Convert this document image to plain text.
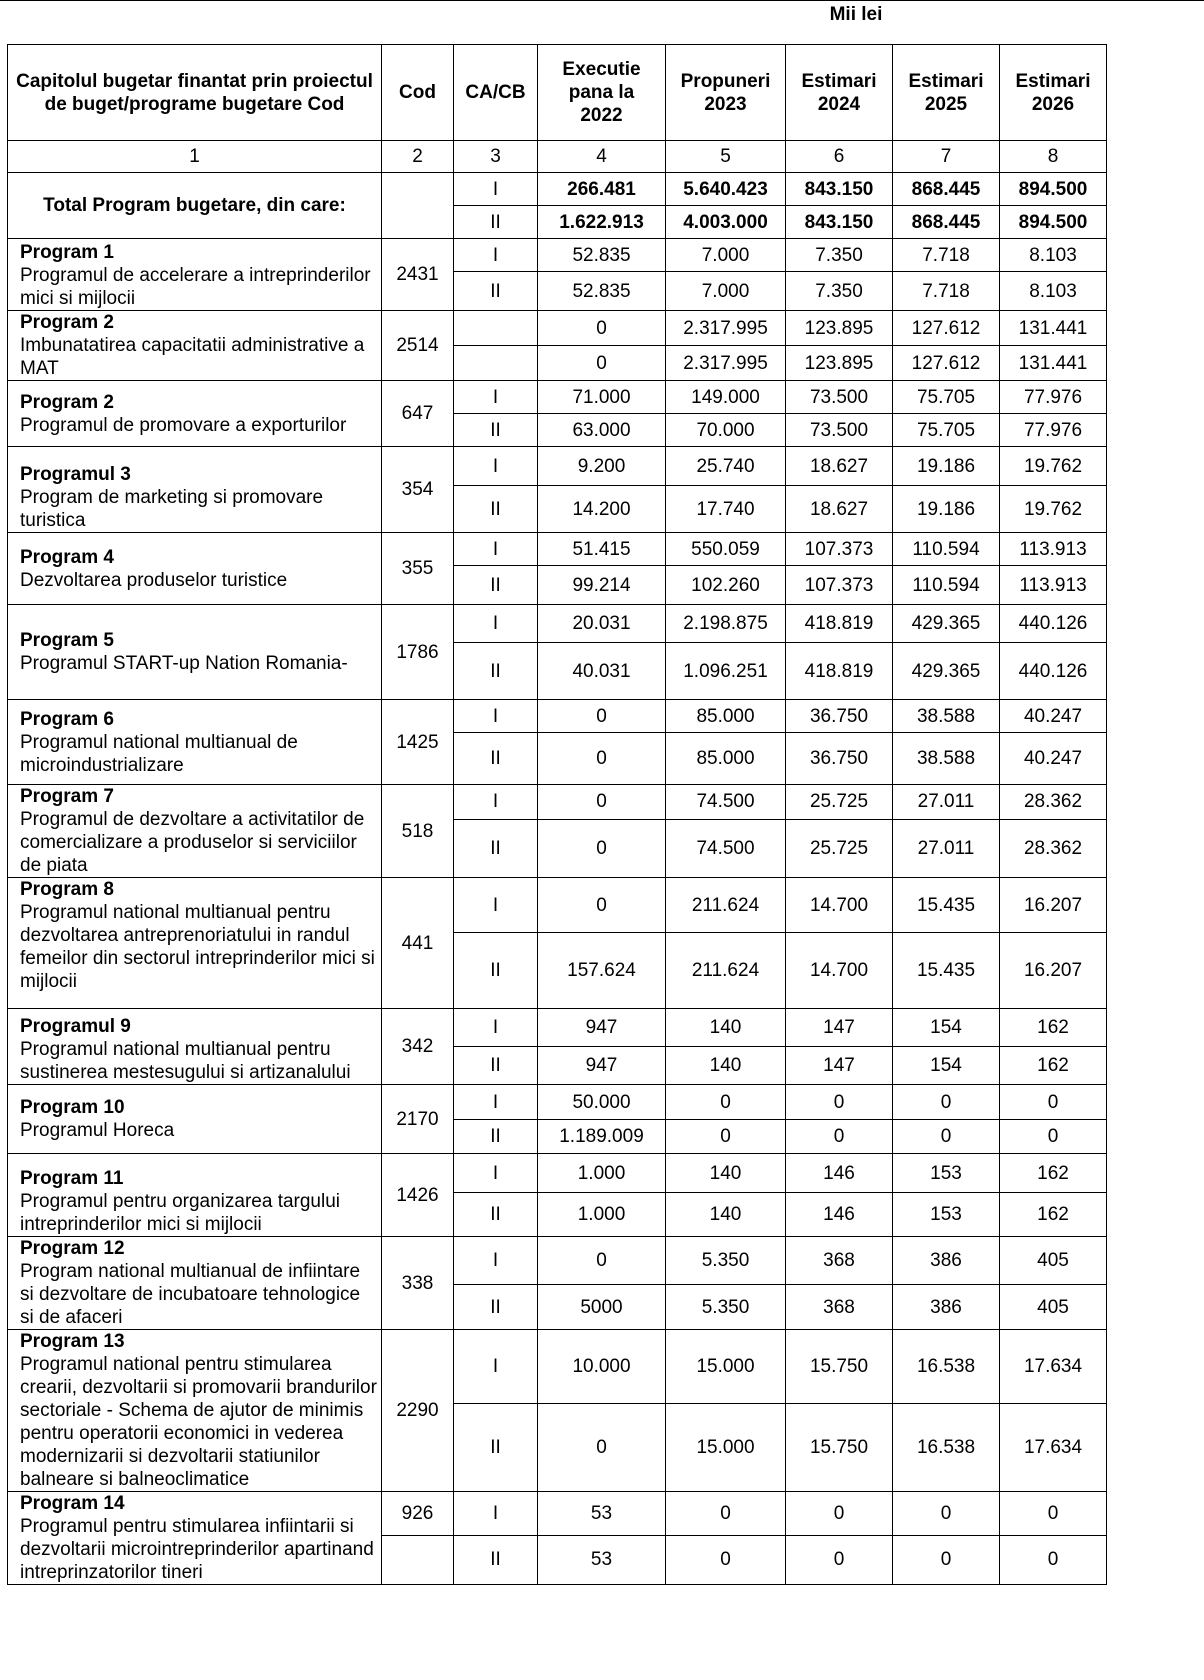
Mii lei
Capitolul bugetar finantat prin proiectul de buget/programe bugetare Cod	Cod	CA/CB	Executie pana la 2022	Propuneri 2023	Estimari 2024	Estimari 2025	Estimari 2026
1	2	3	4	5	6	7	8
Total Program bugetare, din care:		I	266.481	5.640.423	843.150	868.445	894.500
		II	1.622.913	4.003.000	843.150	868.445	894.500

Program 1
Programul de accelerare a intreprinderilor mici si mijlocii	2431	I	52.835	7.000	7.350	7.718	8.103
		II	52.835	7.000	7.350	7.718	8.103

Program 2
Imbunatatirea capacitatii administrative a MAT	2514		0	2.317.995	123.895	127.612	131.441
			0	2.317.995	123.895	127.612	131.441

Program 2
Programul de promovare a exporturilor	647	I	71.000	149.000	73.500	75.705	77.976
		II	63.000	70.000	73.500	75.705	77.976

Programul 3
Program de marketing si promovare turistica	354	I	9.200	25.740	18.627	19.186	19.762
		II	14.200	17.740	18.627	19.186	19.762

Program 4
Dezvoltarea produselor turistice	355	I	51.415	550.059	107.373	110.594	113.913
		II	99.214	102.260	107.373	110.594	113.913

Program 5
Programul START-up Nation Romania-	1786	I	20.031	2.198.875	418.819	429.365	440.126
		II	40.031	1.096.251	418.819	429.365	440.126

Program 6
Programul national multianual de microindustrializare	1425	I	0	85.000	36.750	38.588	40.247
		II	0	85.000	36.750	38.588	40.247

Program 7
Programul de dezvoltare a activitatilor de comercializare a produselor si serviciilor de piata	518	I	0	74.500	25.725	27.011	28.362
		II	0	74.500	25.725	27.011	28.362

Program 8
Programul national multianual pentru dezvoltarea antreprenoriatului in randul femeilor din sectorul intreprinderilor mici si mijlocii	441	I	0	211.624	14.700	15.435	16.207
		II	157.624	211.624	14.700	15.435	16.207

Programul 9
Programul national multianual pentru sustinerea mestesugului si artizanalului	342	I	947	140	147	154	162
		II	947	140	147	154	162

Program 10
Programul Horeca	2170	I	50.000	0	0	0	0
		II	1.189.009	0	0	0	0

Program 11
Programul pentru organizarea targului intreprinderilor mici si mijlocii	1426	I	1.000	140	146	153	162
		II	1.000	140	146	153	162

Program 12
Program national multianual de infiintare si dezvoltare de incubatoare tehnologice si de afaceri	338	I	0	5.350	368	386	405
		II	5000	5.350	368	386	405

Program 13
Programul national pentru stimularea crearii, dezvoltarii si promovarii brandurilor sectoriale - Schema de ajutor de minimis pentru operatorii economici in vederea modernizarii si dezvoltarii statiunilor balneare si balneoclimatice	2290	I	10.000	15.000	15.750	16.538	17.634
		II	0	15.000	15.750	16.538	17.634

Program 14
Programul pentru stimularea infiintarii si dezvoltarii microintreprinderilor apartinand intreprinzatorilor tineri	926	I	53	0	0	0	0
		II	53	0	0	0	0
